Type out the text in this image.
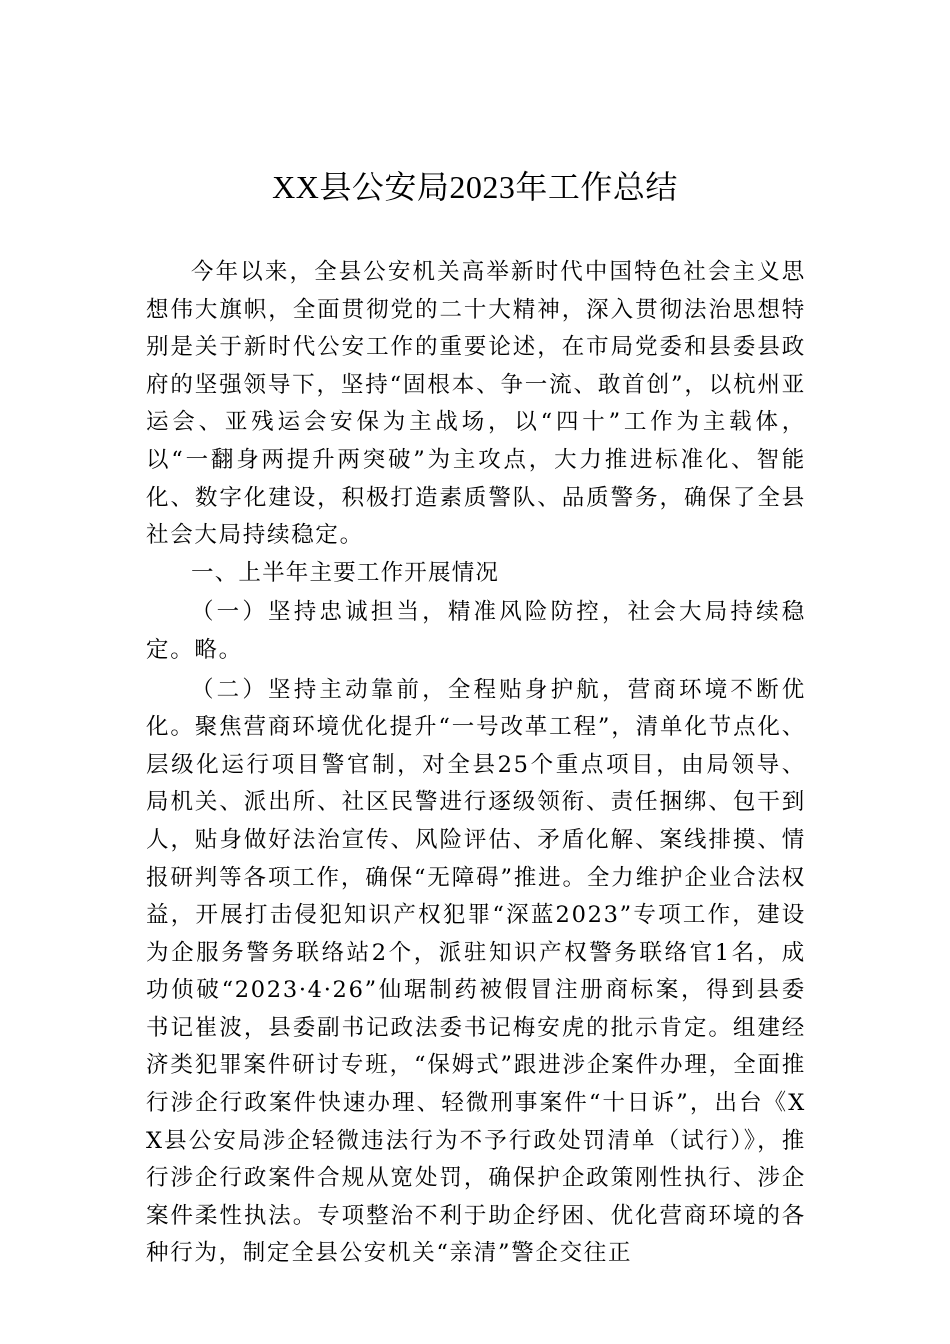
XX县公安局2023年工作总结

今年以来，全县公安机关高举新时代中国特色社会主义思想伟大旗帜，全面贯彻党的二十大精神，深入贯彻法治思想特别是关于新时代公安工作的重要论述，在市局党委和县委县政府的坚强领导下，坚持“固根本、争一流、敢首创”，以杭州亚运会、亚残运会安保为主战场，以“四十”工作为主载体，以“一翻身两提升两突破”为主攻点，大力推进标准化、智能化、数字化建设，积极打造素质警队、品质警务，确保了全县社会大局持续稳定。

一、上半年主要工作开展情况

（一）坚持忠诚担当，精准风险防控，社会大局持续稳定。略。

（二）坚持主动靠前，全程贴身护航，营商环境不断优化。聚焦营商环境优化提升“一号改革工程”，清单化节点化、层级化运行项目警官制，对全县25个重点项目，由局领导、局机关、派出所、社区民警进行逐级领衔、责任捆绑、包干到人，贴身做好法治宣传、风险评估、矛盾化解、案线排摸、情报研判等各项工作，确保“无障碍”推进。全力维护企业合法权益，开展打击侵犯知识产权犯罪“深蓝2023”专项工作，建设为企服务警务联络站2个，派驻知识产权警务联络官1名，成功侦破“2023·4·26”仙琚制药被假冒注册商标案，得到县委书记崔波，县委副书记政法委书记梅安虎的批示肯定。组建经济类犯罪案件研讨专班，“保姆式”跟进涉企案件办理，全面推行涉企行政案件快速办理、轻微刑事案件“十日诉”，出台《XX县公安局涉企轻微违法行为不予行政处罚清单（试行）》，推行涉企行政案件合规从宽处罚，确保护企政策刚性执行、涉企案件柔性执法。专项整治不利于助企纾困、优化营商环境的各种行为，制定全县公安机关“亲清”警企交往正
